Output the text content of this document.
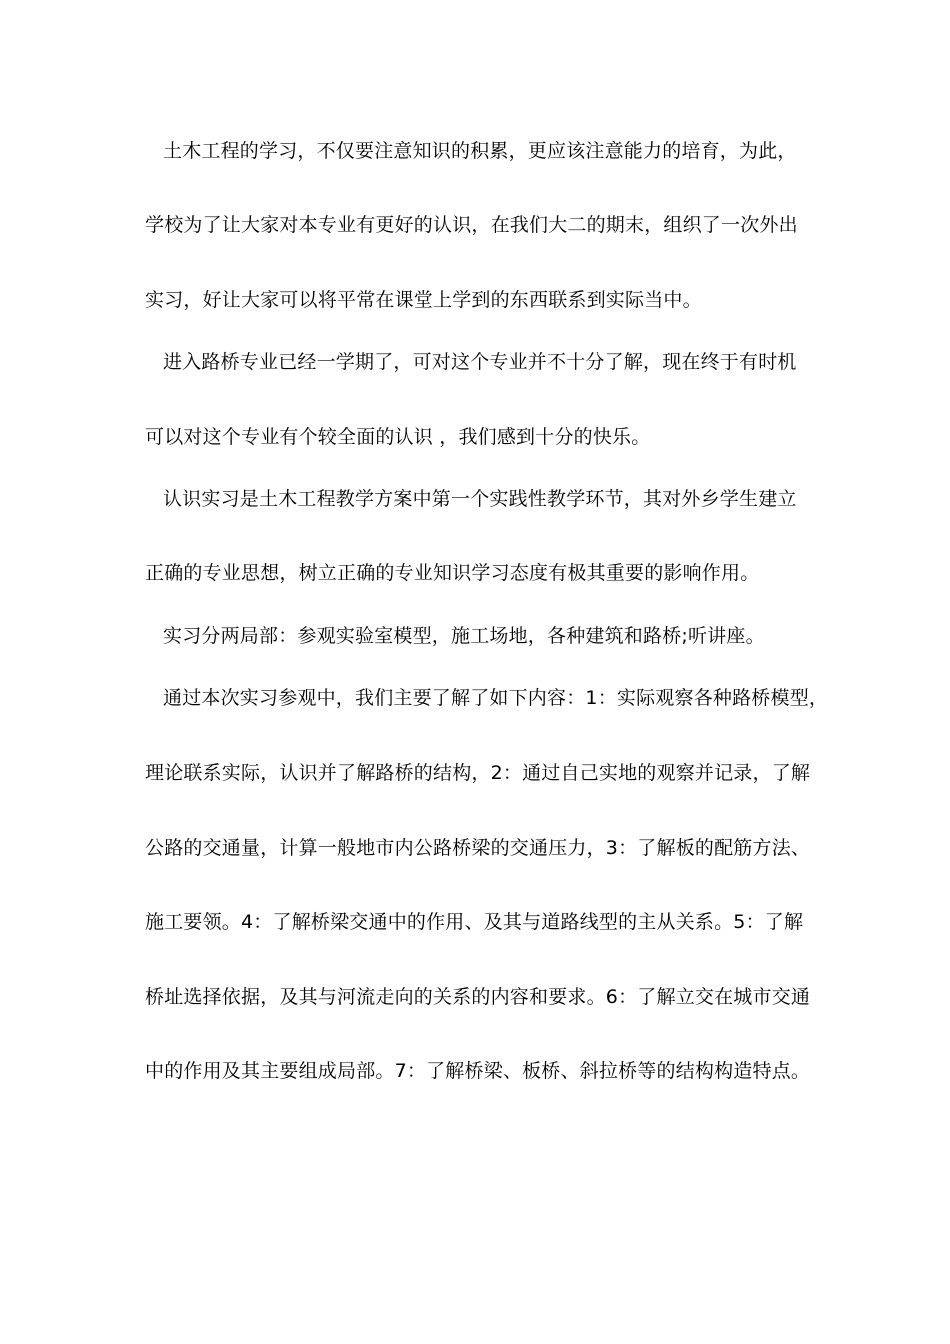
土木工程的学习，不仅要注意知识的积累，更应该注意能力的培育，为此，
学校为了让大家对本专业有更好的认识，在我们大二的期末，组织了一次外出
实习，好让大家可以将平常在课堂上学到的东西联系到实际当中。
进入路桥专业已经一学期了，可对这个专业并不十分了解，现在终于有时机
可以对这个专业有个较全面的认识 ，我们感到十分的快乐。
认识实习是土木工程教学方案中第一个实践性教学环节，其对外乡学生建立
正确的专业思想，树立正确的专业知识学习态度有极其重要的影响作用。
实习分两局部：参观实验室模型，施工场地，各种建筑和路桥;听讲座。
通过本次实习参观中，我们主要了解了如下内容：1：实际观察各种路桥模型，
理论联系实际，认识并了解路桥的结构，2：通过自己实地的观察并记录，了解
公路的交通量，计算一般地市内公路桥梁的交通压力，3：了解板的配筋方法、
施工要领。4：了解桥梁交通中的作用、及其与道路线型的主从关系。5：了解
桥址选择依据，及其与河流走向的关系的内容和要求。6：了解立交在城市交通
中的作用及其主要组成局部。7：了解桥梁、板桥、斜拉桥等的结构构造特点。
